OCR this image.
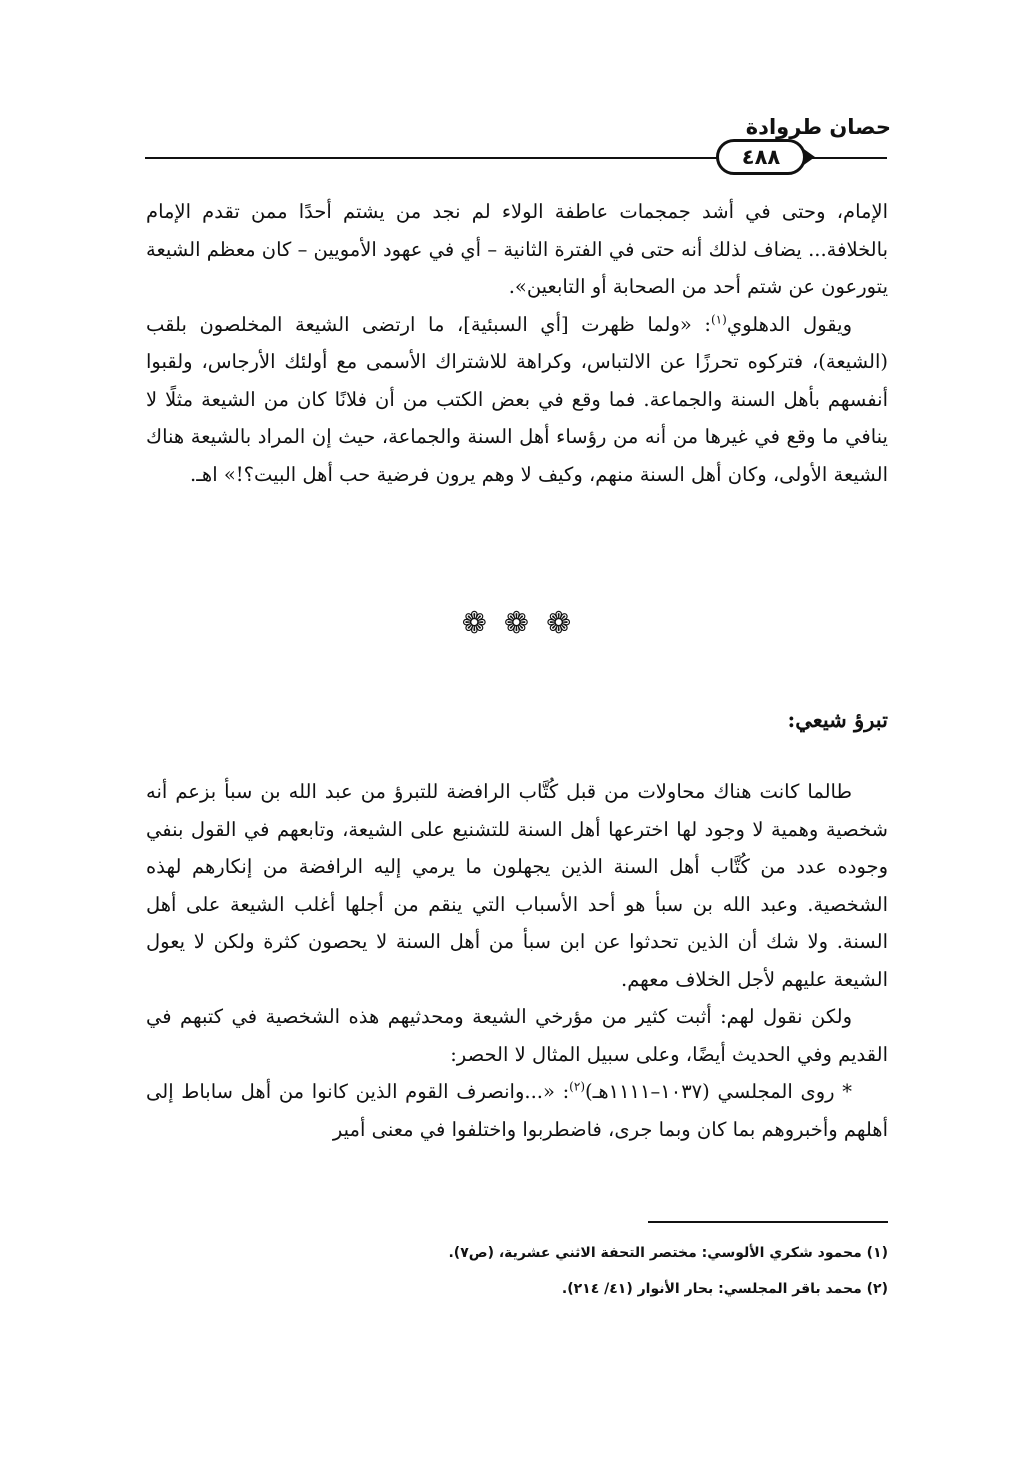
حصان طروادة
٤٨٨

الإمام، وحتى في أشد جمجمات عاطفة الولاء لم نجد من يشتم أحدًا ممن تقدم الإمام بالخلافة... يضاف لذلك أنه حتى في الفترة الثانية – أي في عهود الأمويين – كان معظم الشيعة يتورعون عن شتم أحد من الصحابة أو التابعين».

ويقول الدهلوي$^{(١)}$: «ولما ظهرت [أي السبئية]، ما ارتضى الشيعة المخلصون بلقب (الشيعة)، فتركوه تحرزًا عن الالتباس، وكراهة للاشتراك الأسمى مع أولئك الأرجاس، ولقبوا أنفسهم بأهل السنة والجماعة. فما وقع في بعض الكتب من أن فلانًا كان من الشيعة مثلًا لا ينافي ما وقع في غيرها من أنه من رؤساء أهل السنة والجماعة، حيث إن المراد بالشيعة هناك الشيعة الأولى، وكان أهل السنة منهم، وكيف لا وهم يرون فرضية حب أهل البيت؟!» اهـ.

❁ ❁ ❁
تبرؤ شيعي:

طالما كانت هناك محاولات من قبل كُتَّاب الرافضة للتبرؤ من عبد الله بن سبأ بزعم أنه شخصية وهمية لا وجود لها اخترعها أهل السنة للتشنيع على الشيعة، وتابعهم في القول بنفي وجوده عدد من كُتَّاب أهل السنة الذين يجهلون ما يرمي إليه الرافضة من إنكارهم لهذه الشخصية. وعبد الله بن سبأ هو أحد الأسباب التي ينقم من أجلها أغلب الشيعة على أهل السنة. ولا شك أن الذين تحدثوا عن ابن سبأ من أهل السنة لا يحصون كثرة ولكن لا يعول الشيعة عليهم لأجل الخلاف معهم.

ولكن نقول لهم: أثبت كثير من مؤرخي الشيعة ومحدثيهم هذه الشخصية في كتبهم في القديم وفي الحديث أيضًا، وعلى سبيل المثال لا الحصر:

* روى المجلسي (١٠٣٧–١١١١هـ)$^{(٢)}$: «...وانصرف القوم الذين كانوا من أهل ساباط إلى أهلهم وأخبروهم بما كان وبما جرى، فاضطربوا واختلفوا في معنى أمير

(١) محمود شكري الألوسي: مختصر التحفة الاثني عشرية، (ص٧).

(٢) محمد باقر المجلسي: بحار الأنوار (٤١/ ٢١٤).
